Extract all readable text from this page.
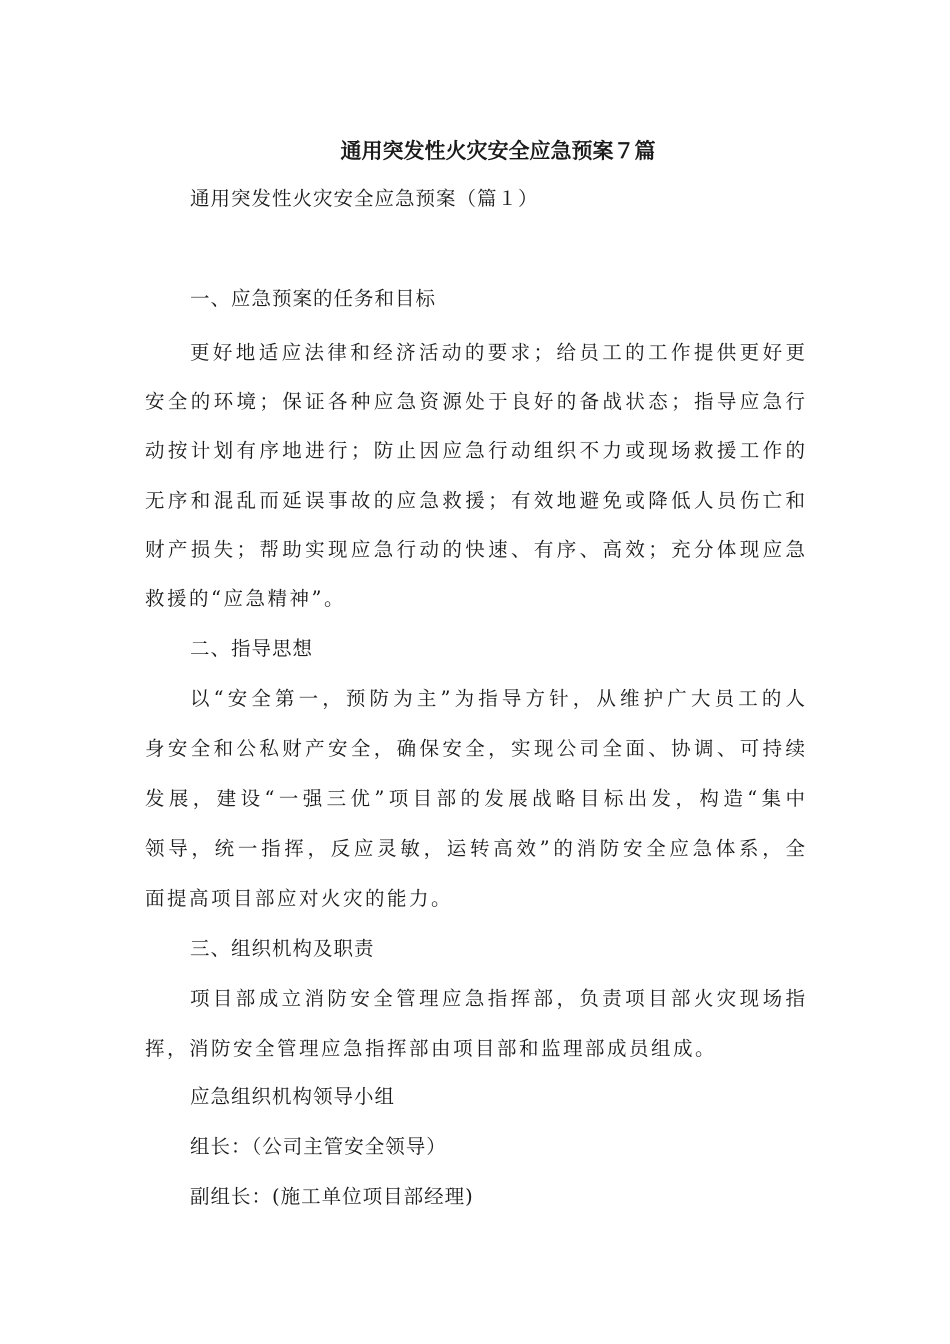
通用突发性火灾安全应急预案７篇
通用突发性火灾安全应急预案（篇１）
一、应急预案的任务和目标
更好地适应法律和经济活动的要求；给员工的工作提供更好更
安全的环境；保证各种应急资源处于良好的备战状态；指导应急行
动按计划有序地进行；防止因应急行动组织不力或现场救援工作的
无序和混乱而延误事故的应急救援；有效地避免或降低人员伤亡和
财产损失；帮助实现应急行动的快速、有序、高效；充分体现应急
救援的“应急精神”。
二、指导思想
以“安全第一，预防为主”为指导方针，从维护广大员工的人
身安全和公私财产安全，确保安全，实现公司全面、协调、可持续
发展，建设“一强三优”项目部的发展战略目标出发，构造“集中
领导，统一指挥，反应灵敏，运转高效”的消防安全应急体系，全
面提高项目部应对火灾的能力。
三、组织机构及职责
项目部成立消防安全管理应急指挥部，负责项目部火灾现场指
挥，消防安全管理应急指挥部由项目部和监理部成员组成。
应急组织机构领导小组
组长：（公司主管安全领导）
副组长：(施工单位项目部经理)
